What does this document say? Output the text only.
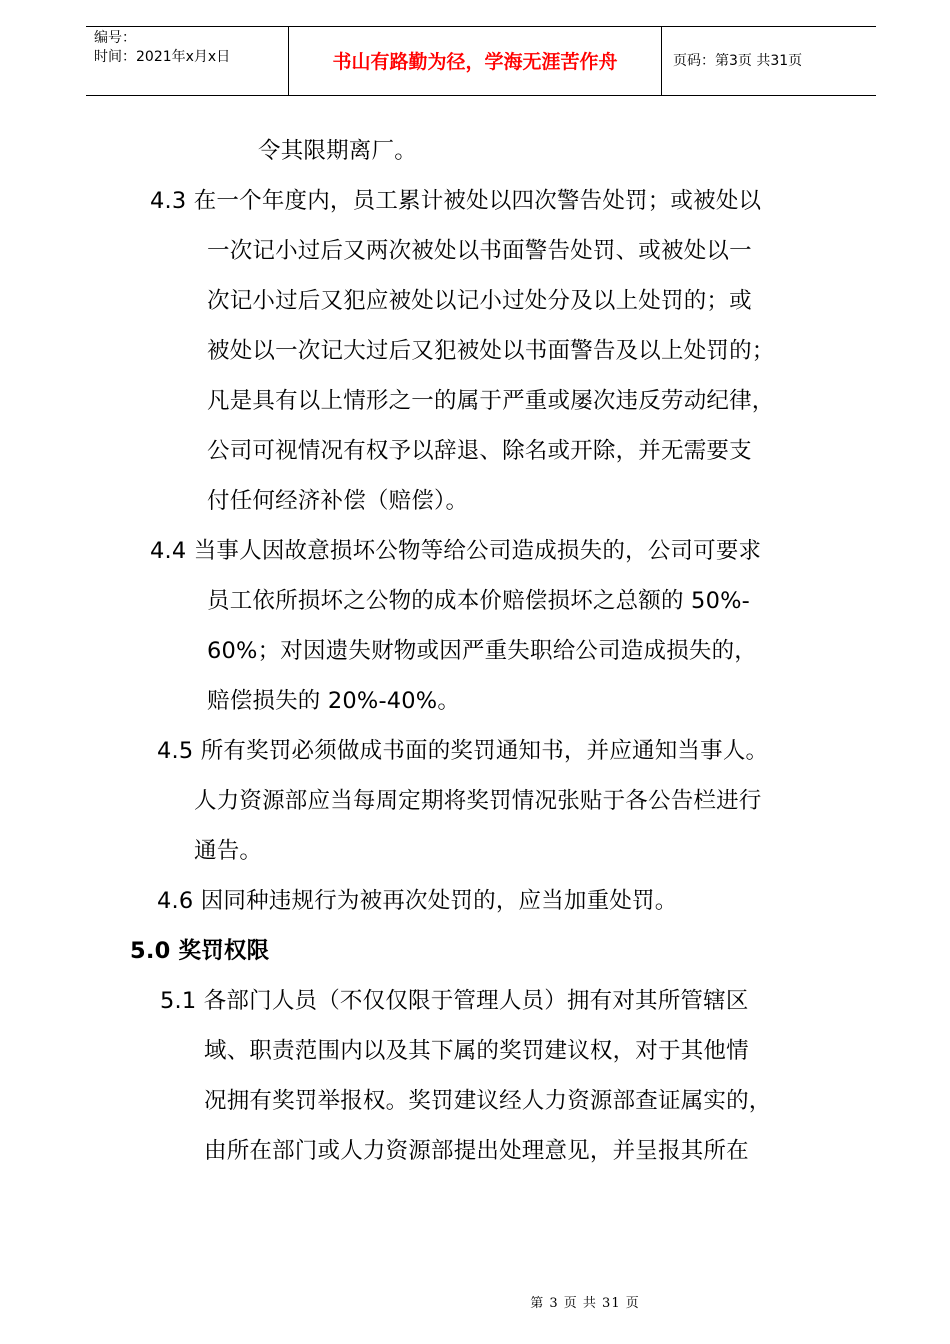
编号：
时间：2021年x月x日	书山有路勤为径，学海无涯苦作舟	页码：第3页 共31页
令其限期离厂。
4.3 在一个年度内，员工累计被处以四次警告处罚；或被处以
一次记小过后又两次被处以书面警告处罚、或被处以一
次记小过后又犯应被处以记小过处分及以上处罚的；或
被处以一次记大过后又犯被处以书面警告及以上处罚的；
凡是具有以上情形之一的属于严重或屡次违反劳动纪律，
公司可视情况有权予以辞退、除名或开除，并无需要支
付任何经济补偿（赔偿）。
4.4 当事人因故意损坏公物等给公司造成损失的，公司可要求
员工依所损坏之公物的成本价赔偿损坏之总额的 50%-
60%；对因遗失财物或因严重失职给公司造成损失的，
赔偿损失的 20%-40%。
4.5 所有奖罚必须做成书面的奖罚通知书，并应通知当事人。
人力资源部应当每周定期将奖罚情况张贴于各公告栏进行
通告。
4.6 因同种违规行为被再次处罚的，应当加重处罚。
5.0 奖罚权限
5.1 各部门人员（不仅仅限于管理人员）拥有对其所管辖区
域、职责范围内以及其下属的奖罚建议权，对于其他情
况拥有奖罚举报权。奖罚建议经人力资源部查证属实的，
由所在部门或人力资源部提出处理意见，并呈报其所在
第 3 页 共 31 页
